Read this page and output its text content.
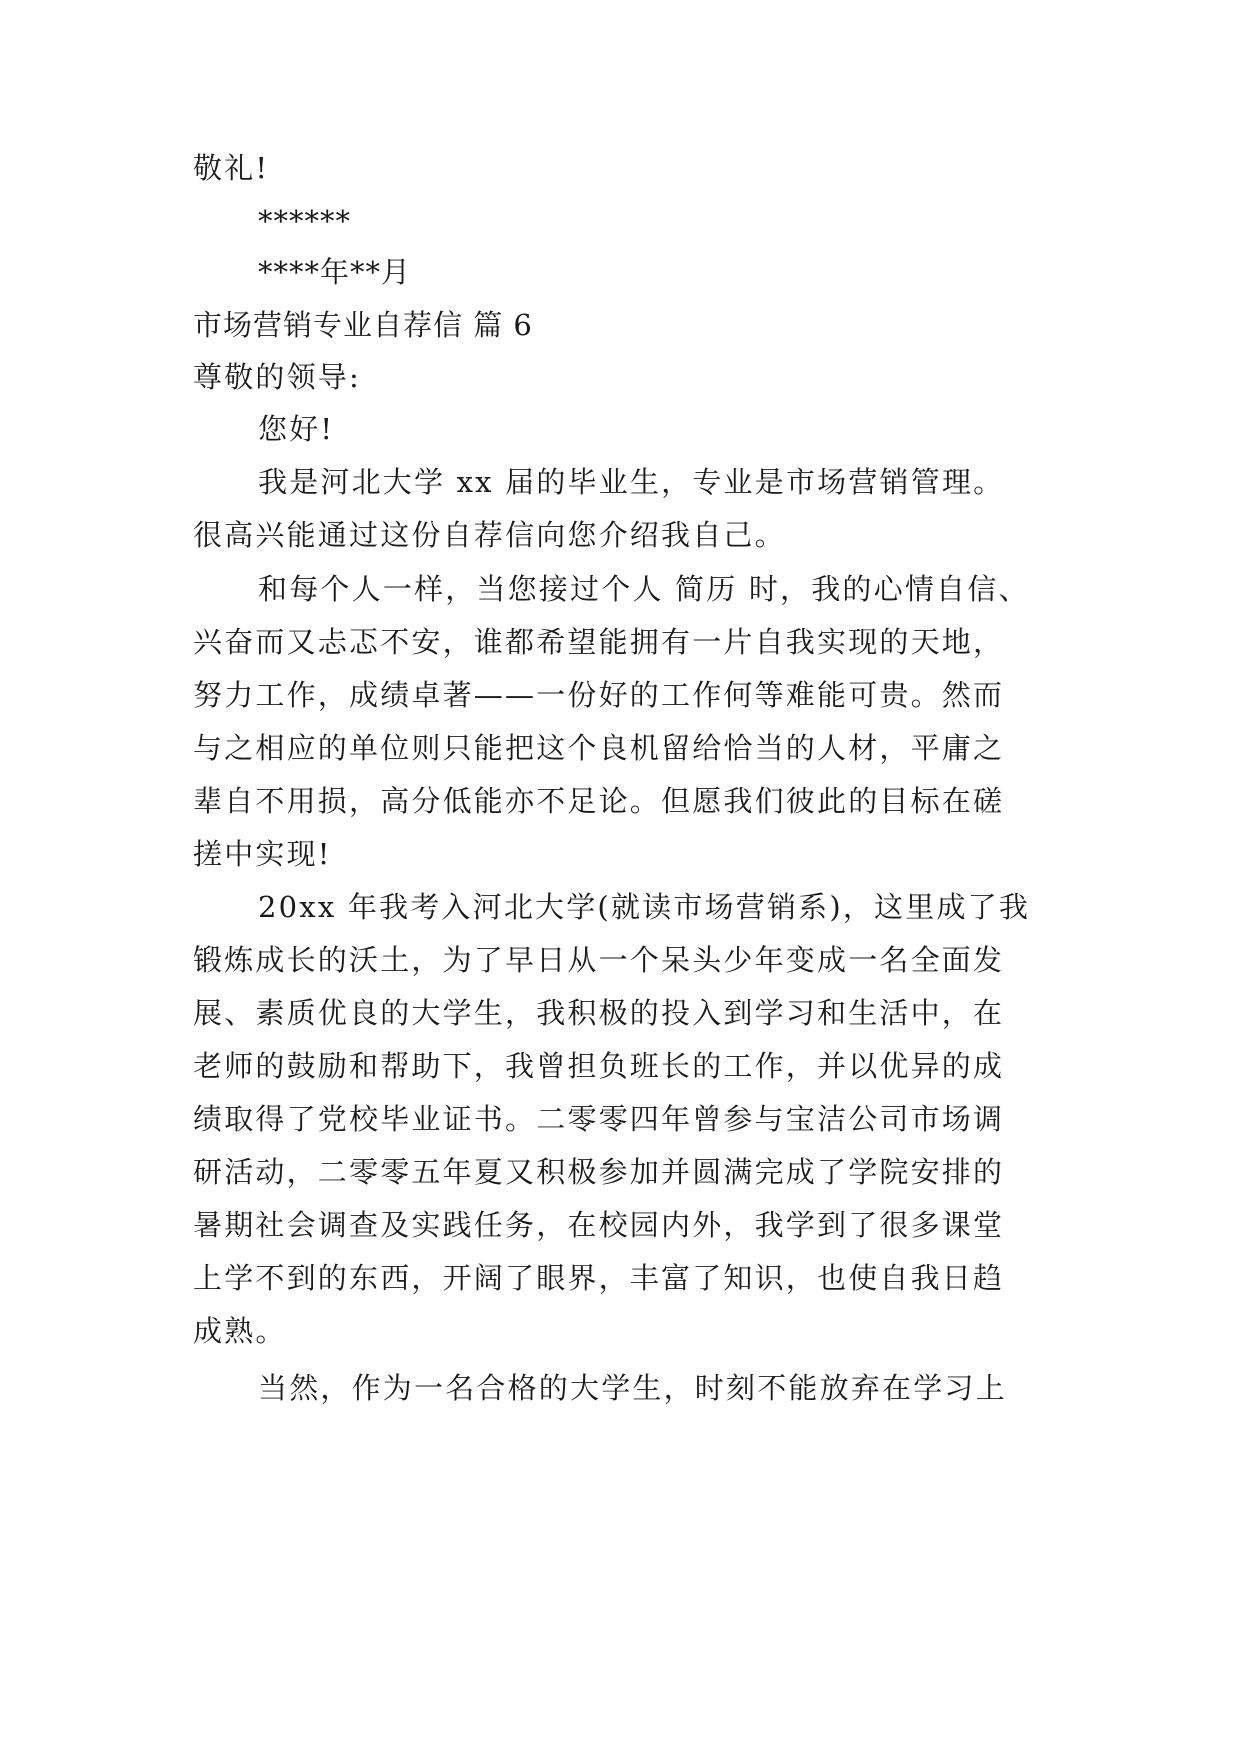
敬礼!
******
****年**月
市场营销专业自荐信 篇 6
尊敬的领导:
您好!
我是河北大学 xx 届的毕业生，专业是市场营销管理。
很高兴能通过这份自荐信向您介绍我自己。
和每个人一样，当您接过个人 简历 时，我的心情自信、
兴奋而又忐忑不安，谁都希望能拥有一片自我实现的天地，
努力工作，成绩卓著——一份好的工作何等难能可贵。然而
与之相应的单位则只能把这个良机留给恰当的人材，平庸之
辈自不用损，高分低能亦不足论。但愿我们彼此的目标在磋
搓中实现!
20xx 年我考入河北大学(就读市场营销系)，这里成了我
锻炼成长的沃土，为了早日从一个呆头少年变成一名全面发
展、素质优良的大学生，我积极的投入到学习和生活中，在
老师的鼓励和帮助下，我曾担负班长的工作，并以优异的成
绩取得了党校毕业证书。二零零四年曾参与宝洁公司市场调
研活动，二零零五年夏又积极参加并圆满完成了学院安排的
暑期社会调查及实践任务，在校园内外，我学到了很多课堂
上学不到的东西，开阔了眼界，丰富了知识，也使自我日趋
成熟。
当然，作为一名合格的大学生，时刻不能放弃在学习上
